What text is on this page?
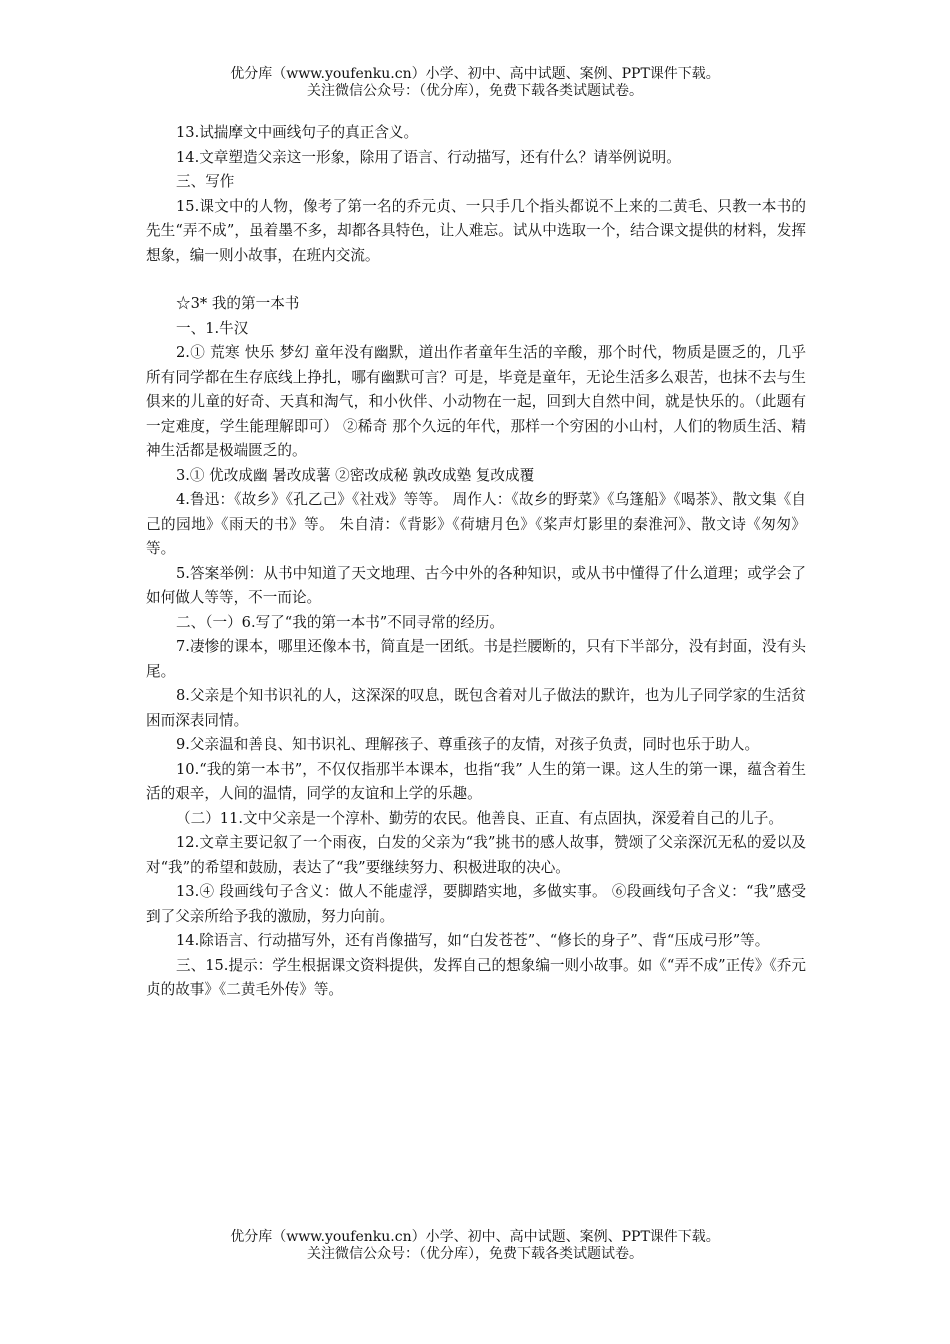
优分库（www.youfenku.cn）小学、初中、高中试题、案例、PPT课件下载。
关注微信公众号：（优分库），免费下载各类试题试卷。

13.试揣摩文中画线句子的真正含义。

14.文章塑造父亲这一形象，除用了语言、行动描写，还有什么？请举例说明。

三、写作

15.课文中的人物，像考了第一名的乔元贞、一只手几个指头都说不上来的二黄毛、只教一本书的先生“弄不成”，虽着墨不多，却都各具特色，让人难忘。试从中选取一个，结合课文提供的材料，发挥想象，编一则小故事，在班内交流。

☆3* 我的第一本书

一、1.牛汉

2.① 荒寒 快乐 梦幻 童年没有幽默，道出作者童年生活的辛酸，那个时代，物质是匮乏的，几乎所有同学都在生存底线上挣扎，哪有幽默可言？可是，毕竟是童年，无论生活多么艰苦，也抹不去与生俱来的儿童的好奇、天真和淘气，和小伙伴、小动物在一起，回到大自然中间，就是快乐的。（此题有一定难度，学生能理解即可） ②稀奇 那个久远的年代，那样一个穷困的小山村，人们的物质生活、精神生活都是极端匮乏的。

3.① 优改成幽 暑改成薯 ②密改成秘 孰改成塾 复改成覆

4.鲁迅：《故乡》《孔乙己》《社戏》等等。 周作人：《故乡的野菜》《乌篷船》《喝茶》、散文集《自己的园地》《雨天的书》等。 朱自清：《背影》《荷塘月色》《桨声灯影里的秦淮河》、散文诗《匆匆》等。

5.答案举例：从书中知道了天文地理、古今中外的各种知识，或从书中懂得了什么道理；或学会了如何做人等等，不一而论。

二、（一）6.写了“我的第一本书”不同寻常的经历。

7.凄惨的课本，哪里还像本书，简直是一团纸。书是拦腰断的，只有下半部分，没有封面，没有头尾。

8.父亲是个知书识礼的人，这深深的叹息，既包含着对儿子做法的默许，也为儿子同学家的生活贫困而深表同情。

9.父亲温和善良、知书识礼、理解孩子、尊重孩子的友情，对孩子负责，同时也乐于助人。

10.“我的第一本书”，不仅仅指那半本课本，也指“我” 人生的第一课。这人生的第一课，蕴含着生活的艰辛，人间的温情，同学的友谊和上学的乐趣。

（二）11.文中父亲是一个淳朴、勤劳的农民。他善良、正直、有点固执，深爱着自己的儿子。

12.文章主要记叙了一个雨夜，白发的父亲为“我”挑书的感人故事，赞颂了父亲深沉无私的爱以及对“我”的希望和鼓励，表达了“我”要继续努力、积极进取的决心。

13.④ 段画线句子含义：做人不能虚浮，要脚踏实地，多做实事。 ⑥段画线句子含义：“我”感受到了父亲所给予我的激励，努力向前。

14.除语言、行动描写外，还有肖像描写，如“白发苍苍”、“修长的身子”、背“压成弓形”等。

三、15.提示：学生根据课文资料提供，发挥自己的想象编一则小故事。如《“弄不成”正传》《乔元贞的故事》《二黄毛外传》等。

优分库（www.youfenku.cn）小学、初中、高中试题、案例、PPT课件下载。
关注微信公众号：（优分库），免费下载各类试题试卷。
